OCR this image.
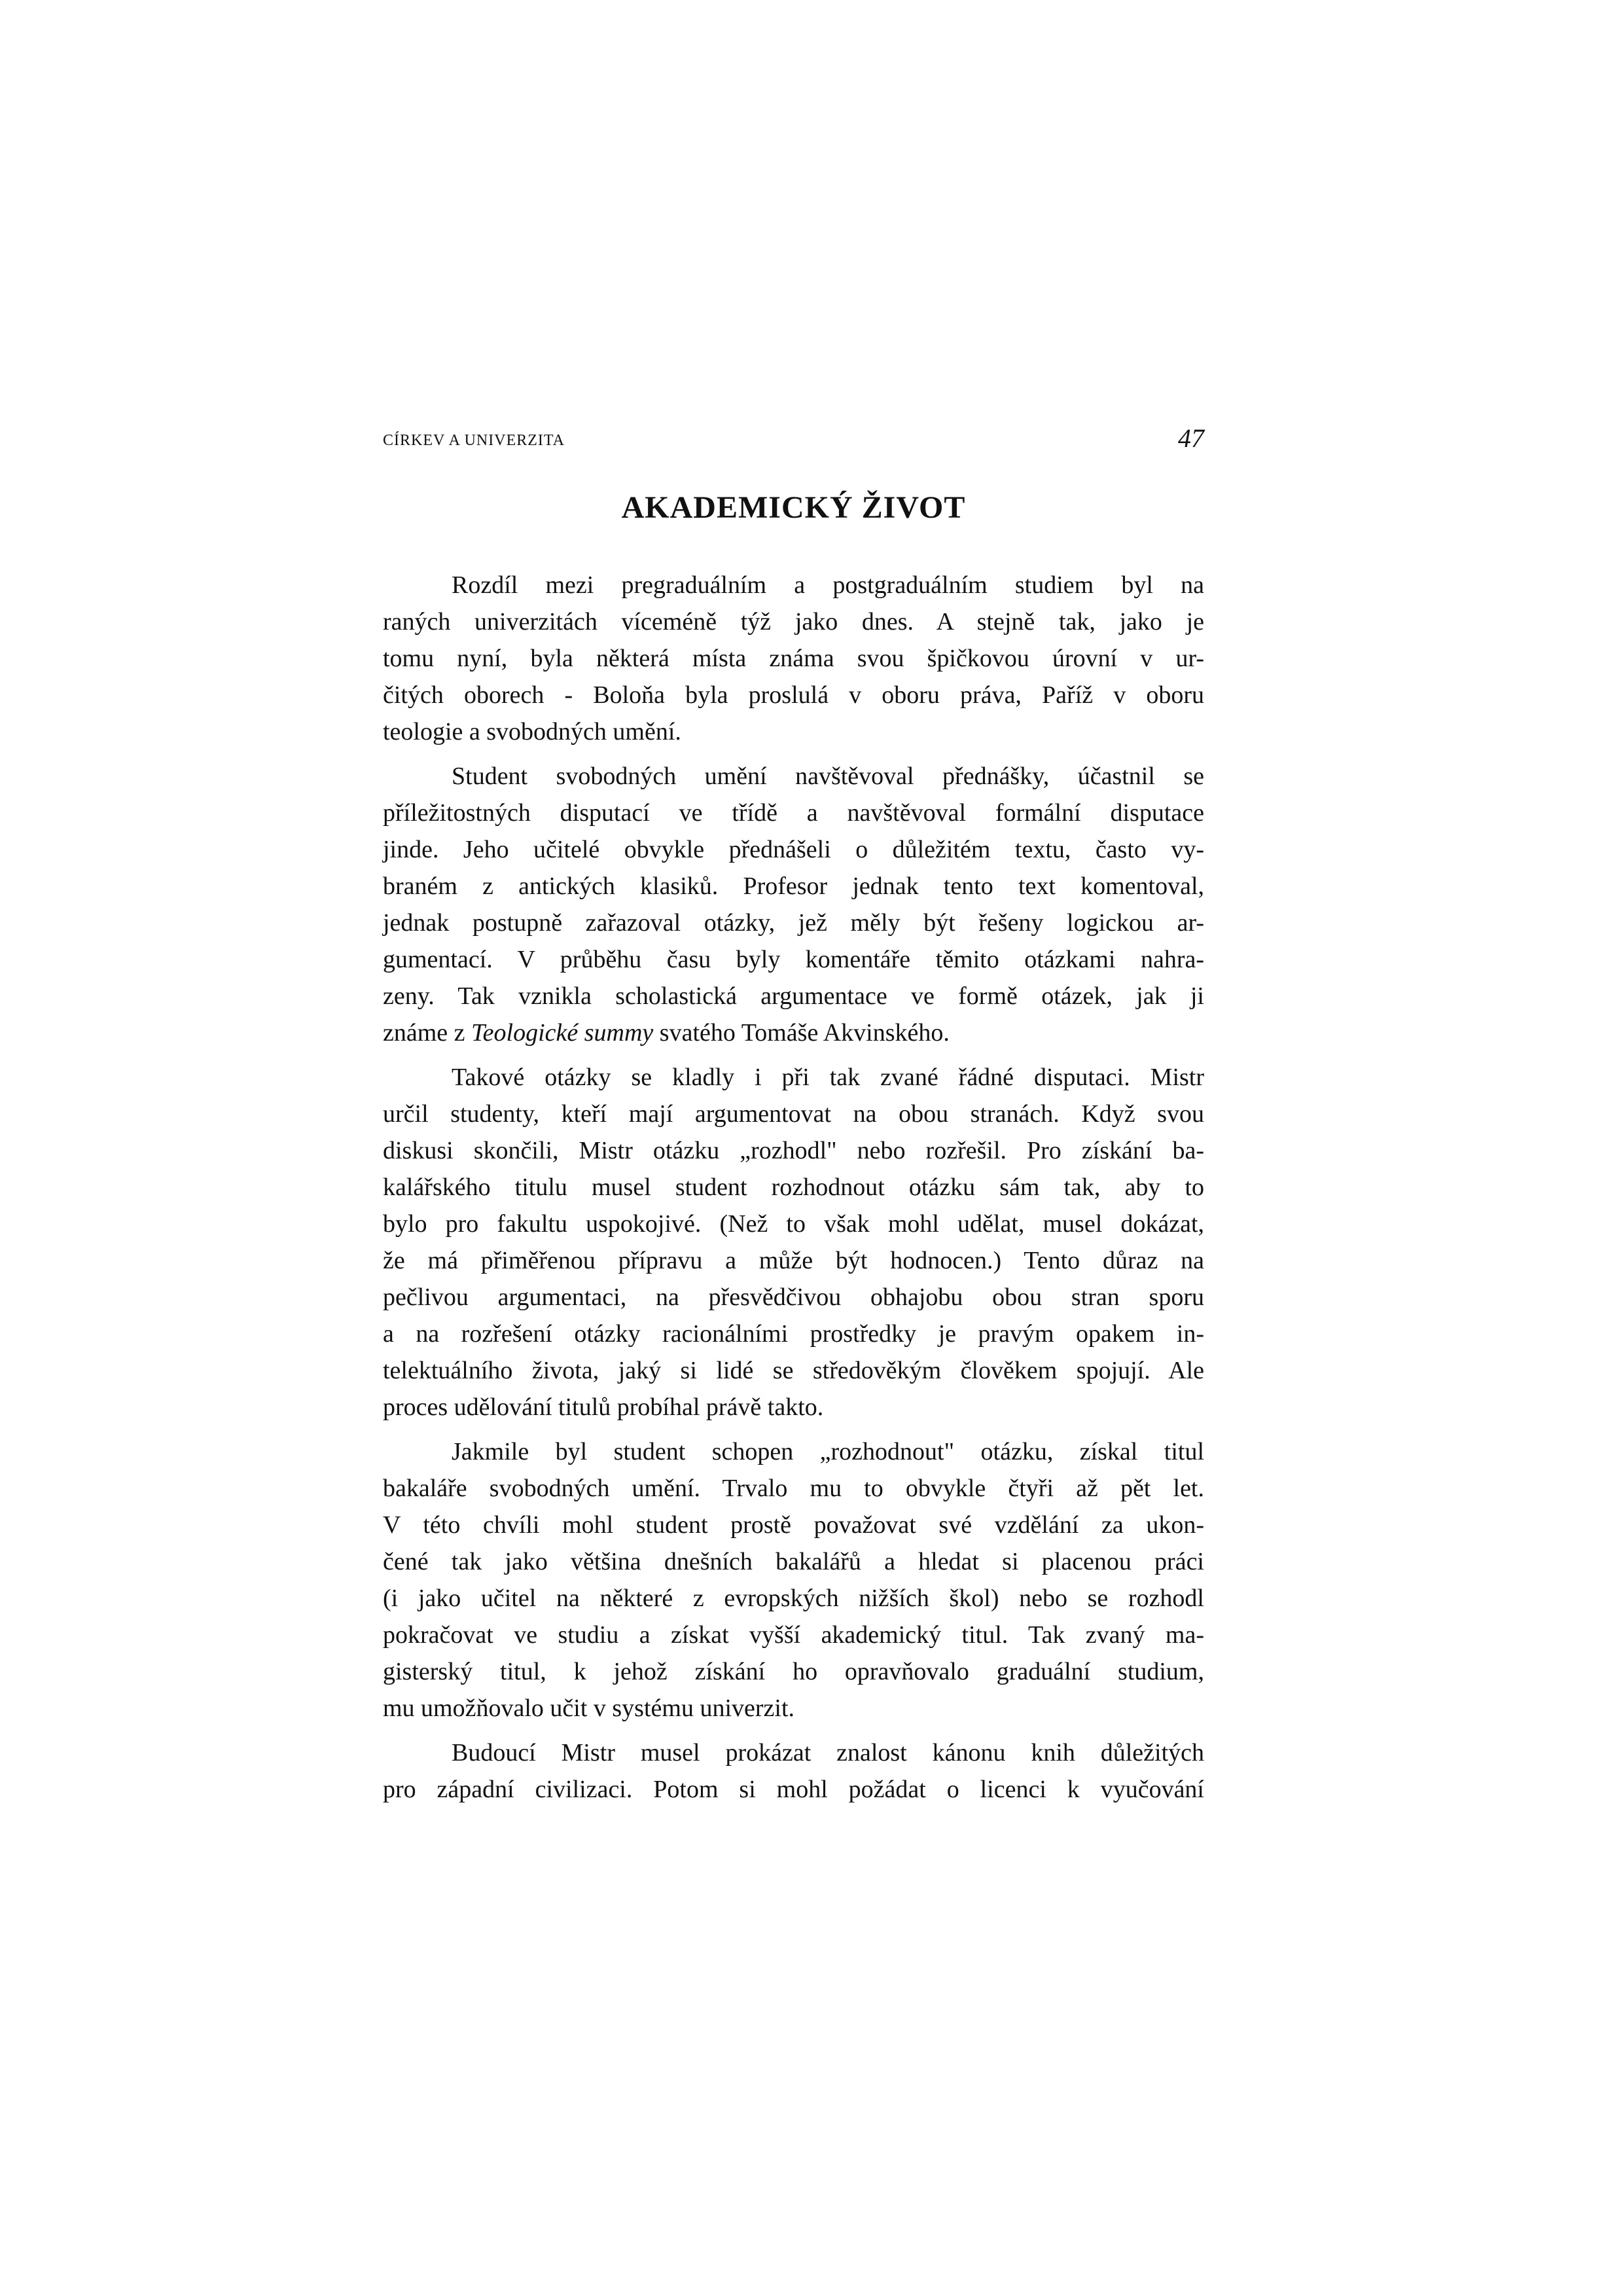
CÍRKEV A UNIVERZITA	47
AKADEMICKÝ ŽIVOT
Rozdíl mezi pregraduálním a postgraduálním studiem byl na
raných univerzitách víceméně týž jako dnes. A stejně tak, jako je
tomu nyní, byla některá místa známa svou špičkovou úrovní v ur-
čitých oborech - Boloňa byla proslulá v oboru práva, Paříž v oboru
teologie a svobodných umění.
Student svobodných umění navštěvoval přednášky, účastnil se
příležitostných disputací ve třídě a navštěvoval formální disputace
jinde. Jeho učitelé obvykle přednášeli o důležitém textu, často vy-
braném z antických klasiků. Profesor jednak tento text komentoval,
jednak postupně zařazoval otázky, jež měly být řešeny logickou ar-
gumentací. V průběhu času byly komentáře těmito otázkami nahra-
zeny. Tak vznikla scholastická argumentace ve formě otázek, jak ji
známe z Teologické summy svatého Tomáše Akvinského.
Takové otázky se kladly i při tak zvané řádné disputaci. Mistr
určil studenty, kteří mají argumentovat na obou stranách. Když svou
diskusi skončili, Mistr otázku „rozhodl" nebo rozřešil. Pro získání ba-
kalářského titulu musel student rozhodnout otázku sám tak, aby to
bylo pro fakultu uspokojivé. (Než to však mohl udělat, musel dokázat,
že má přiměřenou přípravu a může být hodnocen.) Tento důraz na
pečlivou argumentaci, na přesvědčivou obhajobu obou stran sporu
a na rozřešení otázky racionálními prostředky je pravým opakem in-
telektuálního života, jaký si lidé se středověkým člověkem spojují. Ale
proces udělování titulů probíhal právě takto.
Jakmile byl student schopen „rozhodnout" otázku, získal titul
bakaláře svobodných umění. Trvalo mu to obvykle čtyři až pět let.
V této chvíli mohl student prostě považovat své vzdělání za ukon-
čené tak jako většina dnešních bakalářů a hledat si placenou práci
(i jako učitel na některé z evropských nižších škol) nebo se rozhodl
pokračovat ve studiu a získat vyšší akademický titul. Tak zvaný ma-
gisterský titul, k jehož získání ho opravňovalo graduální studium,
mu umožňovalo učit v systému univerzit.
Budoucí Mistr musel prokázat znalost kánonu knih důležitých
pro západní civilizaci. Potom si mohl požádat o licenci k vyučování
